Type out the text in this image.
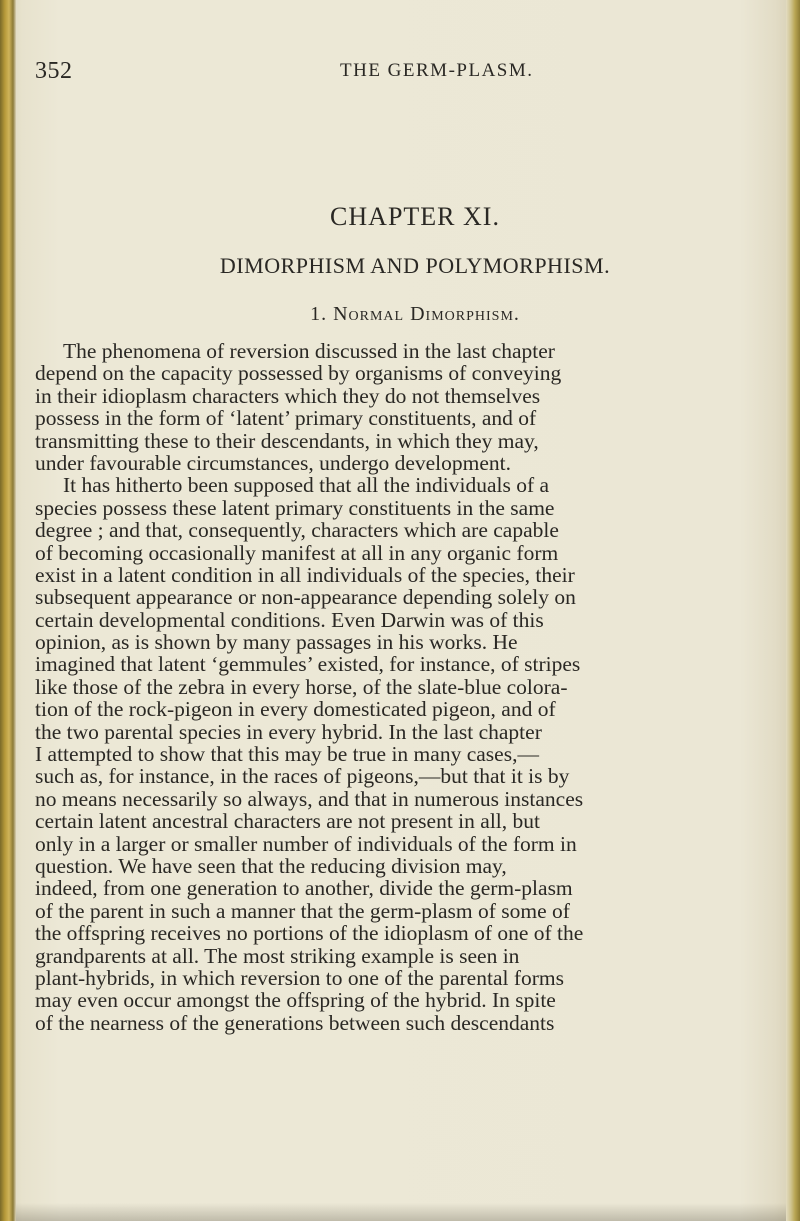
352	THE GERM-PLASM.
CHAPTER XI.
DIMORPHISM AND POLYMORPHISM.
1. Normal Dimorphism.
The phenomena of reversion discussed in the last chapter
depend on the capacity possessed by organisms of conveying
in their idioplasm characters which they do not themselves
possess in the form of ‘latent’ primary constituents, and of
transmitting these to their descendants, in which they may,
under favourable circumstances, undergo development.
It has hitherto been supposed that all the individuals of a
species possess these latent primary constituents in the same
degree ; and that, consequently, characters which are capable
of becoming occasionally manifest at all in any organic form
exist in a latent condition in all individuals of the species, their
subsequent appearance or non-appearance depending solely on
certain developmental conditions. Even Darwin was of this
opinion, as is shown by many passages in his works. He
imagined that latent ‘gemmules’ existed, for instance, of stripes
like those of the zebra in every horse, of the slate-blue colora-
tion of the rock-pigeon in every domesticated pigeon, and of
the two parental species in every hybrid. In the last chapter
I attempted to show that this may be true in many cases,—
such as, for instance, in the races of pigeons,—but that it is by
no means necessarily so always, and that in numerous instances
certain latent ancestral characters are not present in all, but
only in a larger or smaller number of individuals of the form in
question. We have seen that the reducing division may,
indeed, from one generation to another, divide the germ-plasm
of the parent in such a manner that the germ-plasm of some of
the offspring receives no portions of the idioplasm of one of the
grandparents at all. The most striking example is seen in
plant-hybrids, in which reversion to one of the parental forms
may even occur amongst the offspring of the hybrid. In spite
of the nearness of the generations between such descendants
